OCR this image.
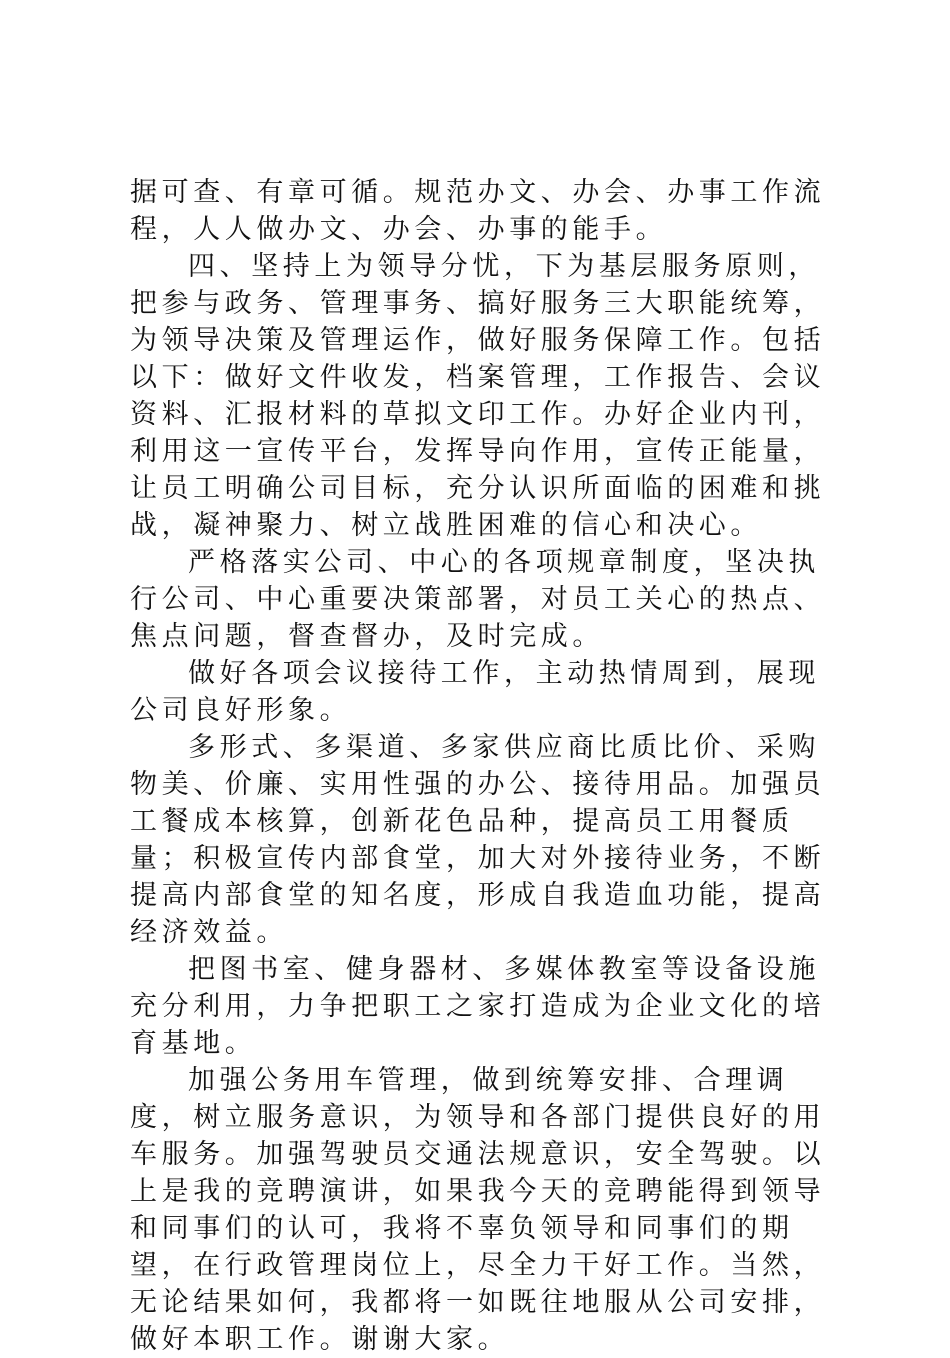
据可查、有章可循。规范办文、办会、办事工作流程，人人做办文、办会、办事的能手。

四、坚持上为领导分忧，下为基层服务原则，把参与政务、管理事务、搞好服务三大职能统筹，为领导决策及管理运作，做好服务保障工作。包括以下：做好文件收发，档案管理，工作报告、会议资料、汇报材料的草拟文印工作。办好企业内刊，利用这一宣传平台，发挥导向作用，宣传正能量，让员工明确公司目标，充分认识所面临的困难和挑战，凝神聚力、树立战胜困难的信心和决心。

严格落实公司、中心的各项规章制度，坚决执行公司、中心重要决策部署，对员工关心的热点、焦点问题，督查督办，及时完成。

做好各项会议接待工作，主动热情周到，展现公司良好形象。

多形式、多渠道、多家供应商比质比价、采购物美、价廉、实用性强的办公、接待用品。加强员工餐成本核算，创新花色品种，提高员工用餐质量；积极宣传内部食堂，加大对外接待业务，不断提高内部食堂的知名度，形成自我造血功能，提高经济效益。

把图书室、健身器材、多媒体教室等设备设施充分利用，力争把职工之家打造成为企业文化的培育基地。

加强公务用车管理，做到统筹安排、合理调度，树立服务意识，为领导和各部门提供良好的用车服务。加强驾驶员交通法规意识，安全驾驶。以上是我的竞聘演讲，如果我今天的竞聘能得到领导和同事们的认可，我将不辜负领导和同事们的期望，在行政管理岗位上，尽全力干好工作。当然，无论结果如何，我都将一如既往地服从公司安排，做好本职工作。谢谢大家。
